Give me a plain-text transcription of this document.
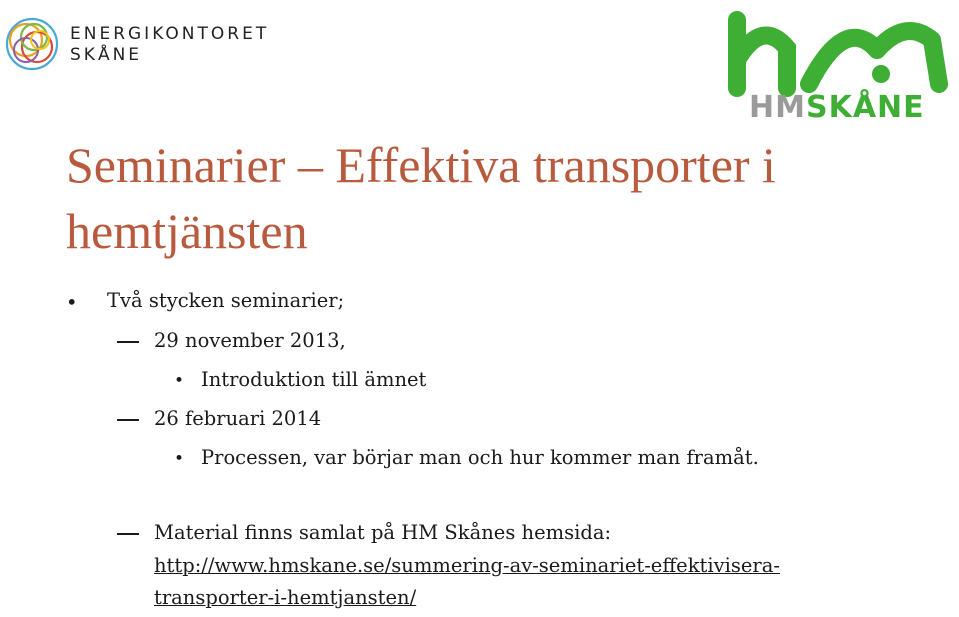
ENERGIKONTORET
SKÅNE
HMSKÅNE
Seminarier – Effektiva transporter i hemtjänsten
• Två stycken seminarier;
29 november 2013,
• Introduktion till ämnet
26 februari 2014
• Processen, var börjar man och hur kommer man framåt.
Material finns samlat på HM Skånes hemsida:
http://www.hmskane.se/summering-av-seminariet-effektivisera-
transporter-i-hemtjansten/
